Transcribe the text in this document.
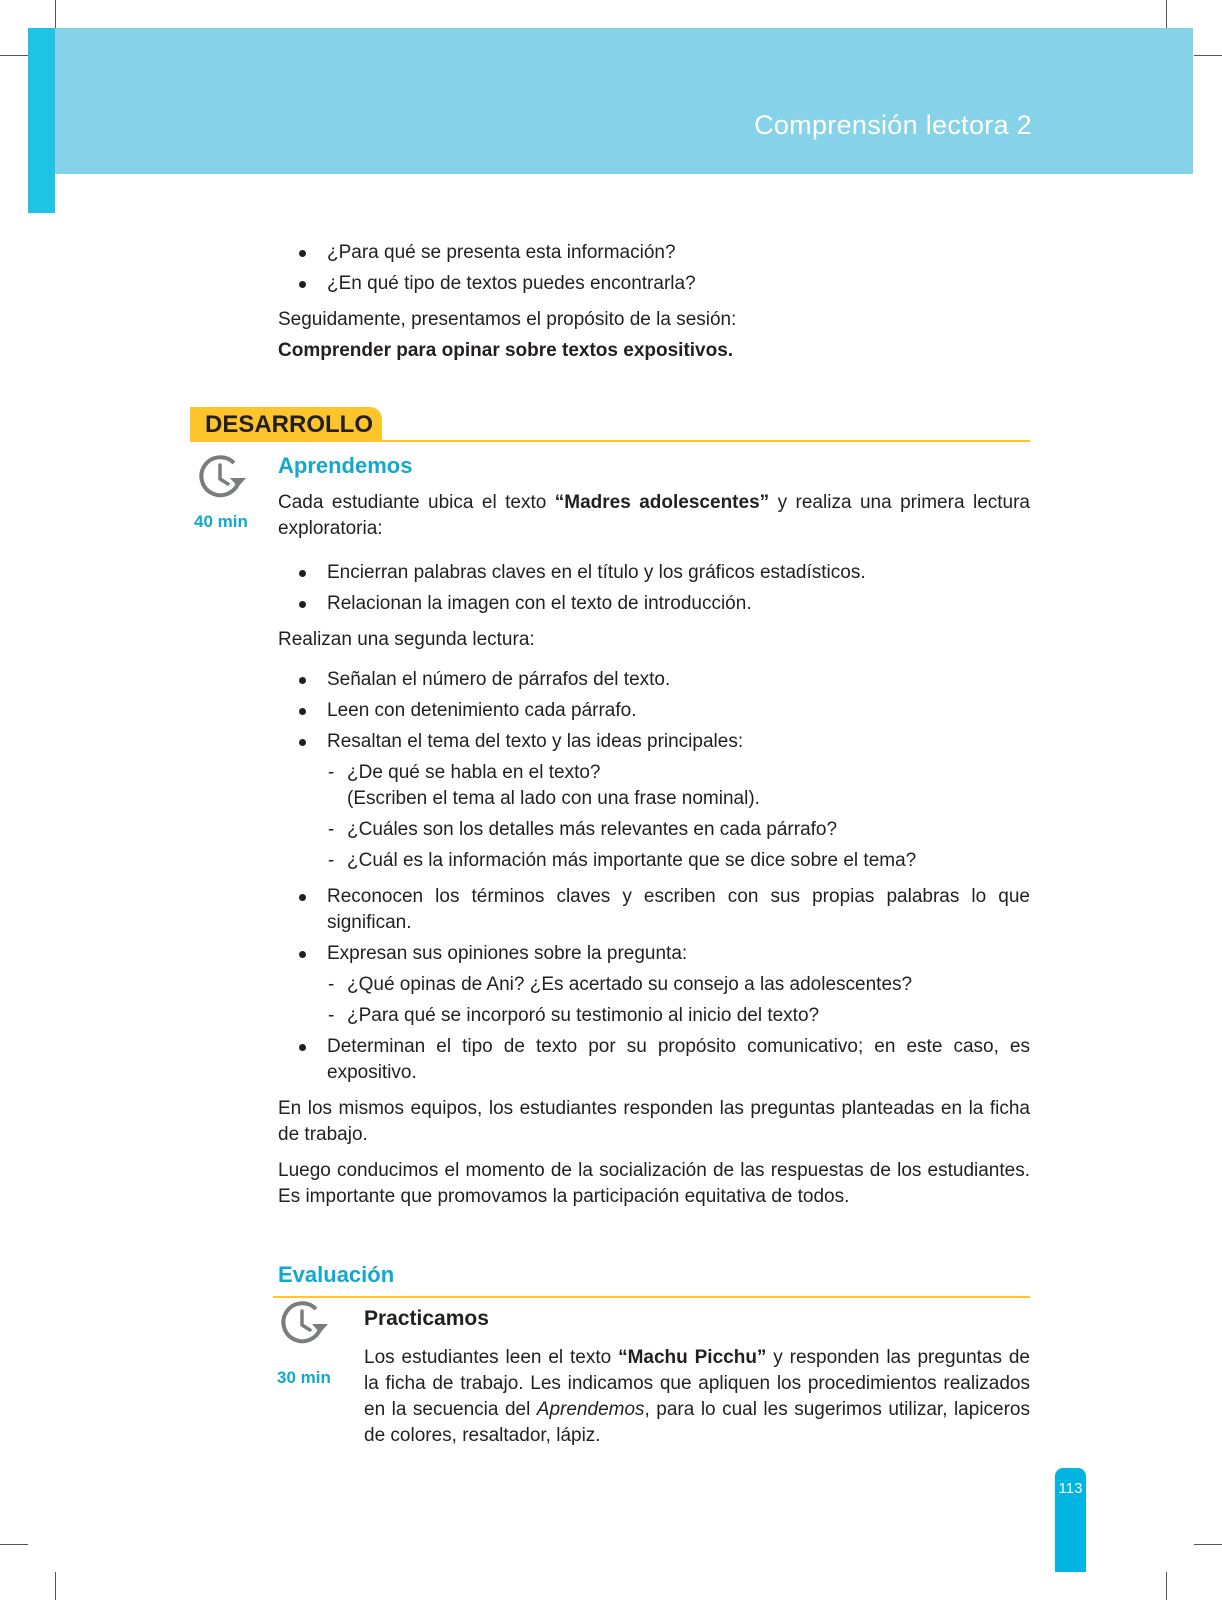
Comprensión lectora 2
¿Para qué se presenta esta información?
¿En qué tipo de textos puedes encontrarla?

Seguidamente, presentamos el propósito de la sesión:

Comprender para opinar sobre textos expositivos.

DESARROLLO
Aprendemos
40 min

Cada estudiante ubica el texto “Madres adolescentes” y realiza una primera lectura exploratoria:

Encierran palabras claves en el título y los gráficos estadísticos.
Relacionan la imagen con el texto de introducción.

Realizan una segunda lectura:

Señalan el número de párrafos del texto.
Leen con detenimiento cada párrafo.
Resaltan el tema del texto y las ideas principales:
- ¿De qué se habla en el texto?
(Escriben el tema al lado con una frase nominal).
- ¿Cuáles son los detalles más relevantes en cada párrafo?
- ¿Cuál es la información más importante que se dice sobre el tema?
Reconocen los términos claves y escriben con sus propias palabras lo que significan.
Expresan sus opiniones sobre la pregunta:
- ¿Qué opinas de Ani? ¿Es acertado su consejo a las adolescentes?
- ¿Para qué se incorporó su testimonio al inicio del texto?
Determinan el tipo de texto por su propósito comunicativo; en este caso, es expositivo.

En los mismos equipos, los estudiantes responden las preguntas planteadas en la ficha de trabajo.

Luego conducimos el momento de la socialización de las respuestas de los estudiantes. Es importante que promovamos la participación equitativa de todos.

Evaluación
30 min
Practicamos

Los estudiantes leen el texto “Machu Picchu” y responden las preguntas de la ficha de trabajo. Les indicamos que apliquen los procedimientos realizados en la secuencia del Aprendemos, para lo cual les sugerimos utilizar, lapiceros de colores, resaltador, lápiz.

113
